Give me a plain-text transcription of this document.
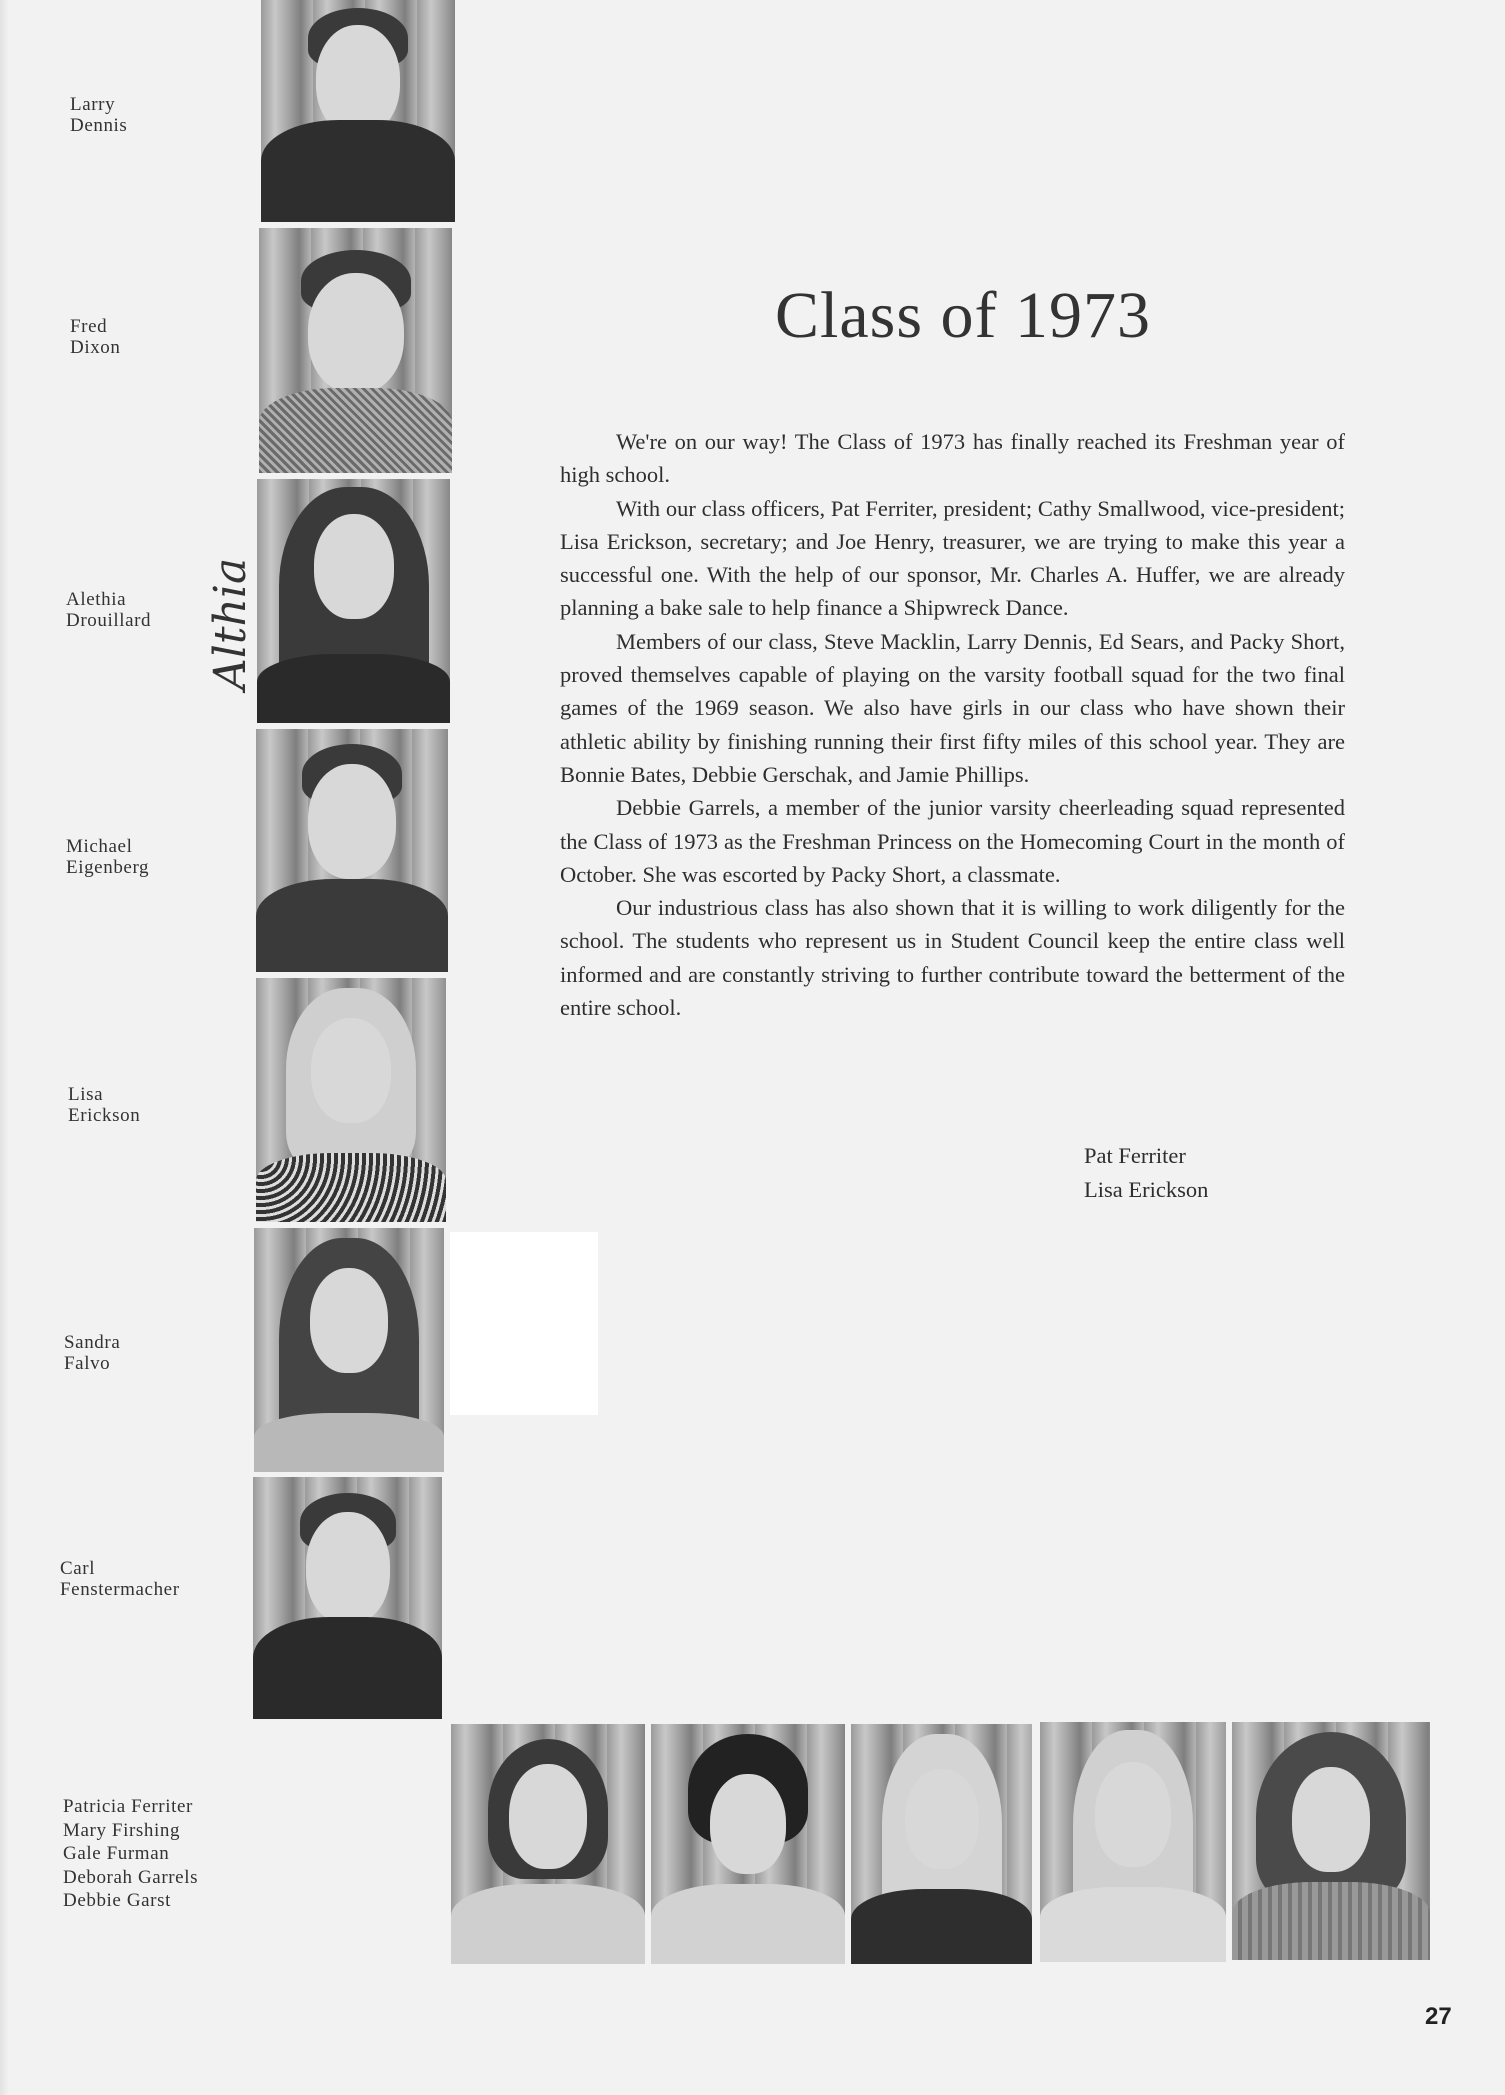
Larry
Dennis
Fred
Dixon
Alethia
Drouillard
Michael
Eigenberg
Lisa
Erickson
Sandra
Falvo
Carl
Fenstermacher
Althia
Class of 1973

We're on our way! The Class of 1973 has finally reached its Freshman year of high school.

With our class officers, Pat Ferriter, president; Cathy Smallwood, vice-president; Lisa Erickson, secretary; and Joe Henry, treasurer, we are trying to make this year a successful one. With the help of our sponsor, Mr. Charles A. Huffer, we are already planning a bake sale to help finance a Shipwreck Dance.

Members of our class, Steve Macklin, Larry Dennis, Ed Sears, and Packy Short, proved themselves capable of playing on the varsity football squad for the two final games of the 1969 season. We also have girls in our class who have shown their athletic ability by finishing running their first fifty miles of this school year. They are Bonnie Bates, Debbie Gerschak, and Jamie Phillips.

Debbie Garrels, a member of the junior varsity cheerleading squad represented the Class of 1973 as the Freshman Princess on the Homecoming Court in the month of October. She was escorted by Packy Short, a classmate.

Our industrious class has also shown that it is willing to work diligently for the school. The students who represent us in Student Council keep the entire class well informed and are constantly striving to further contribute toward the betterment of the entire school.

Pat Ferriter
Lisa Erickson
Patricia Ferriter
Mary Firshing
Gale Furman
Deborah Garrels
Debbie Garst
27
